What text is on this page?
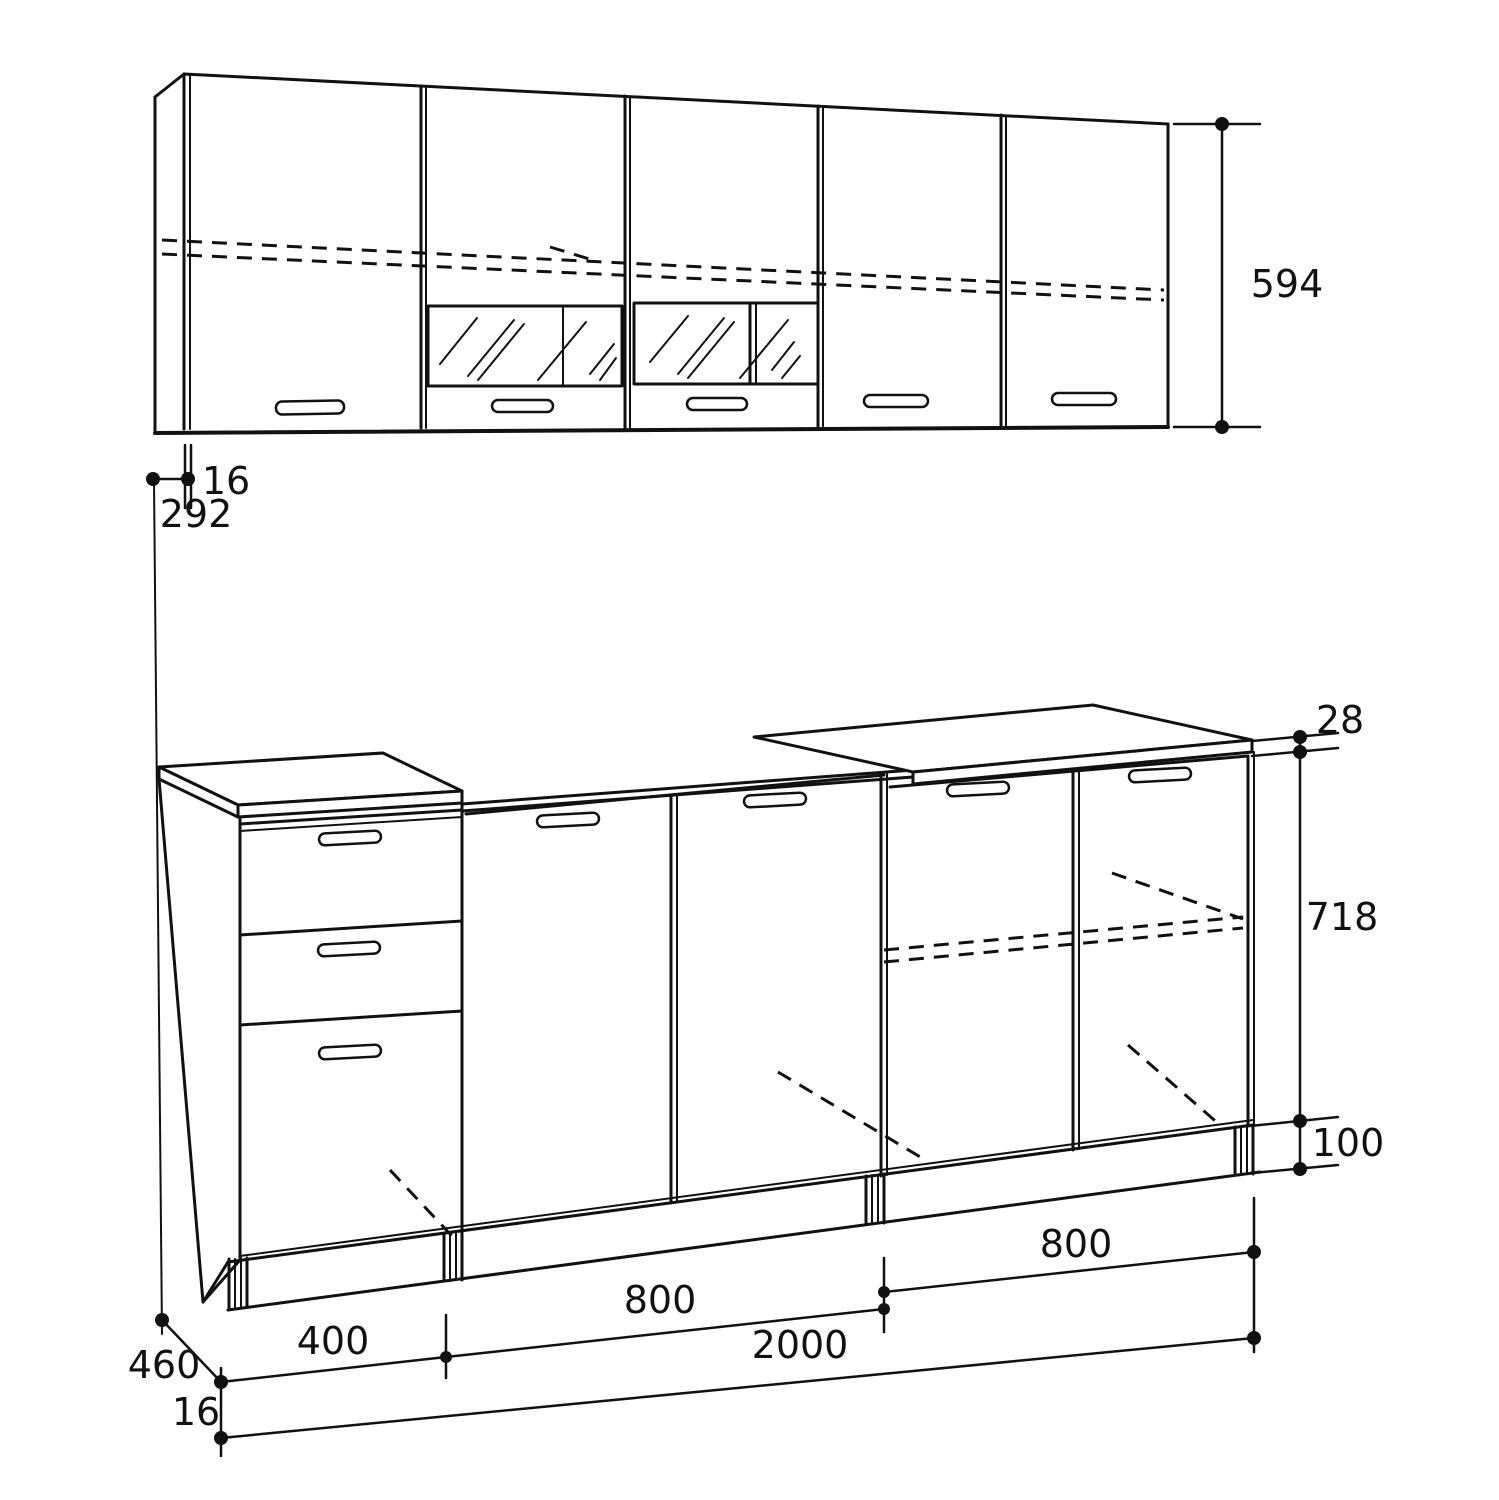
594
16
292
28
718
100
460
16
400
800
800
2000
